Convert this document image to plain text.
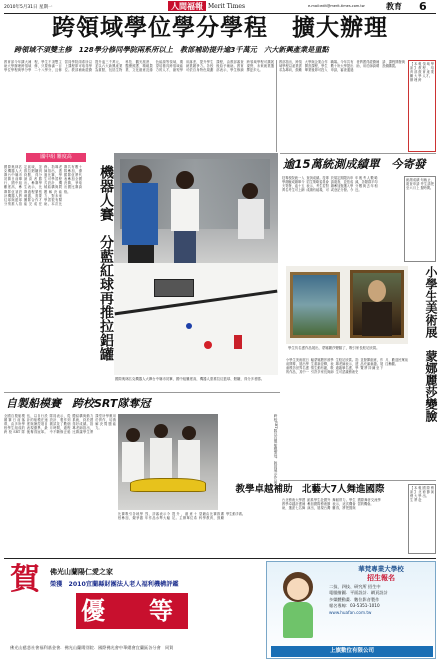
2010年5月31日 星期一	人間福報 Merit Times	e-mail:edit@merit-times.com.tw	教育 6
跨領域學位學分學程　擴大辦理
跨領域不須雙主修　128學分修同學院兩系所以上　教部補助提升逾3千萬元　六大新興產業是重點
教育部今年擴大補助大學辦理跨領域學位學程與學分學程，學生不須雙主修，只要修滿一百二十八學分，且修習同學院兩系所以上課程即可取得學位。教部補助經費提升逾三千萬元，並以六大新興產業為重點，包括生物科技、觀光旅遊、醫療照護、精緻農業、文化創意及綠色能源等領域，期望培養具跨領域能力的人才，縮短學用落差，提升學生就業競爭力。各校可依自身特色規劃課程，由教部審查後給予補助。教育部表示，學生修讀跨領域學程可擴展視野，未來就業選擇更多元。
教部指出，跨領域學程以產業需求為導向，鼓勵大學與企業合作開設課程，學生畢業後即可投入職場。今年共有數十所大學提出申請，審查通過者將獲得經費補助，用於師資聘請、課程開發與設備購置。
【本報訊】教育部鼓勵大學辦理跨領域學程，培育產業人才。
國中組 難度高
國際奧林匹克機器人大賽台中縣市初賽日前舉行，國中組難度高，參賽隊伍須設計機器人將紅球與藍球分別推入指定區域，並推拉鋁罐到終點，得分最高者勝出。參賽學生表示，比賽過程緊張刺激，需要團隊合作才能完成任務。指導老師指出，透過比賽，學生可學習程式設計、機械結構與問題解決能力，對未來學習很有幫助。本次比賽共有數十隊參加，優勝隊伍將代表參加全國決賽，爭取出國比賽資格。	機器人賽　分藍紅球再推拉鋁罐
國際奧林匹克機器人大賽台中縣市初賽，國中組難度高，機器人需推拉紅藍球、鋁罐，得分多者勝。
逾15萬統測成績單　今寄發
技專校院統一入學測驗成績單今天寄發，逾十五萬名考生可上網查詢成績。技專招生策略委員會表示，考生若對成績有疑義，可於規定期限內申請複查，並依成績參加甄選入學或登記分發。今年報考人數略減，各類群平均分數與去年相近。
統測成績複查申請至六月上旬截止，考生請把握時間。
小學生美術展　蒙娜麗莎變臉
學生仿名畫作品展出，蒙娜麗莎變臉了，吸引家長駐足欣賞。
小學生美術展日前開幕，展出學童模仿世界名畫的作品，其中一幅蒙娜麗莎被學生重新詮釋，表情生動有趣，吸引許多家長與師生駐足欣賞。指導老師表示，透過臨摹名畫，學生可認識藝術史並發揮創意，作品充滿童趣。展覽將持續至下月，歡迎民眾前往參觀。
自製船模賽　跨校SRT隊奪冠
全國自製船模競賽日前落幕，由多所學校學生組成的跨校SRT隊伍，以自行設計的船模在速度與操控項目表現優異，最後奪得冠軍。隊員表示，從設計、製作到測試花了數個月時間，過程中不斷修正船體結構與動力系統，終於獲得好成績。指導老師指出，比賽讓學生將課堂所學應用於實作，培養解決問題能力。	跨校SRT隊以自製船模奪冠，隊員展示作品。
比賽吸引各地學校參加，競爭激烈，評審表示今年作品水準大幅提升，創意十足。主辦單位希望藉由比賽推廣科學教育，鼓勵學生動手做。
教學卓越補助　北藝大7人舞進國際
台北藝術大學獲教學卓越計畫補助，選派七名舞蹈系學生赴國外參加國際藝術節演出，展現台灣舞蹈實力。學生表示，這次機會難得，將把握與國際舞者交流學習的機會。
【本報訊】北藝大學生將赴國際藝術節演出。
賀 佛光山蘭陽仁愛之家
榮獲　2010宜蘭縣財團法人老人福利機構評鑑
優　等
佛光山慈悲社會福利基金會．佛光山蘭陽別院．國際佛光會中華總會宜蘭區各分會　同賀
華梵專業大學校
招生報名
二技、四技、研究所 招生中
電腦繪圖．平面設計．網頁設計
多媒體動畫．數位影音製作
報名專線：03-5351-1010
www.huafan.com.tw
上旗數位有限公司
